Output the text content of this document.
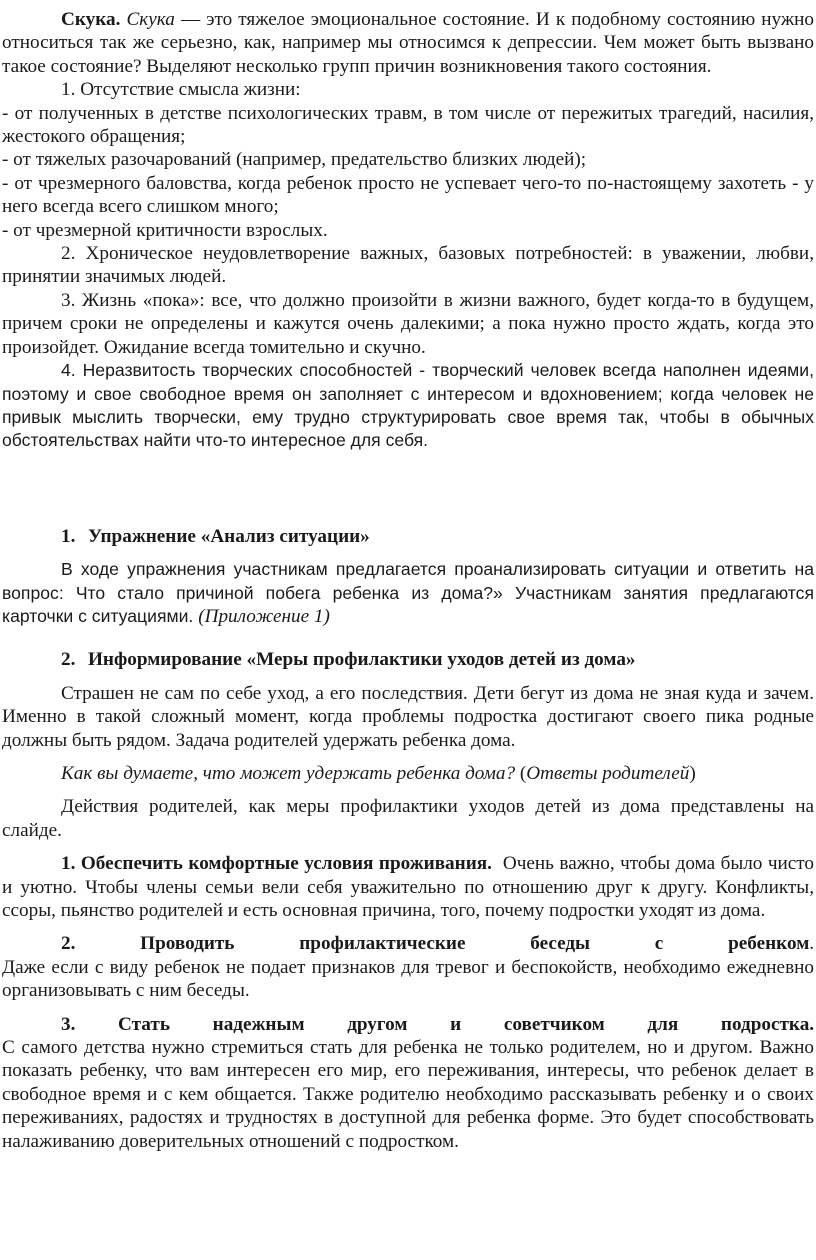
Скука. Скука — это тяжелое эмоциональное состояние. И к подобному состоянию нужно относиться так же серьезно, как, например мы относимся к депрессии. Чем может быть вызвано такое состояние? Выделяют несколько групп причин возникновения такого состояния.

1. Отсутствие смысла жизни:

- от полученных в детстве психологических травм, в том числе от пережитых трагедий, насилия, жестокого обращения;

- от тяжелых разочарований (например, предательство близких людей);

- от чрезмерного баловства, когда ребенок просто не успевает чего-то по-настоящему захотеть - у него всегда всего слишком много;

- от чрезмерной критичности взрослых.

2. Хроническое неудовлетворение важных, базовых потребностей: в уважении, любви, принятии значимых людей.

3. Жизнь «пока»: все, что должно произойти в жизни важного, будет когда-то в будущем, причем сроки не определены и кажутся очень далекими; а пока нужно просто ждать, когда это произойдет. Ожидание всегда томительно и скучно.

4. Неразвитость творческих способностей - творческий человек всегда наполнен идеями, поэтому и свое свободное время он заполняет с интересом и вдохновением; когда человек не привык мыслить творчески, ему трудно структурировать свое время так, чтобы в обычных обстоятельствах найти что-то интересное для себя.

1. Упражнение «Анализ ситуации»

В ходе упражнения участникам предлагается проанализировать ситуации и ответить на вопрос: Что стало причиной побега ребенка из дома?» Участникам занятия предлагаются карточки с ситуациями. (Приложение 1)

2. Информирование «Меры профилактики уходов детей из дома»

Страшен не сам по себе уход, а его последствия. Дети бегут из дома не зная куда и зачем. Именно в такой сложный момент, когда проблемы подростка достигают своего пика родные должны быть рядом. Задача родителей удержать ребенка дома.

Как вы думаете, что может удержать ребенка дома? (Ответы родителей)

Действия родителей, как меры профилактики уходов детей из дома представлены на слайде.

1. Обеспечить комфортные условия проживания. Очень важно, чтобы дома было чисто и уютно. Чтобы члены семьи вели себя уважительно по отношению друг к другу. Конфликты, ссоры, пьянство родителей и есть основная причина, того, почему подростки уходят из дома.

2.	Проводить	профилактические	беседы	с	ребенком.

Даже если с виду ребенок не подает признаков для тревог и беспокойств, необходимо ежедневно организовывать с ним беседы.

3. Стать надежным другом и советчиком для подростка.

С самого детства нужно стремиться стать для ребенка не только родителем, но и другом. Важно показать ребенку, что вам интересен его мир, его переживания, интересы, что ребенок делает в свободное время и с кем общается. Также родителю необходимо рассказывать ребенку и о своих переживаниях, радостях и трудностях в доступной для ребенка форме. Это будет способствовать налаживанию доверительных отношений с подростком.
